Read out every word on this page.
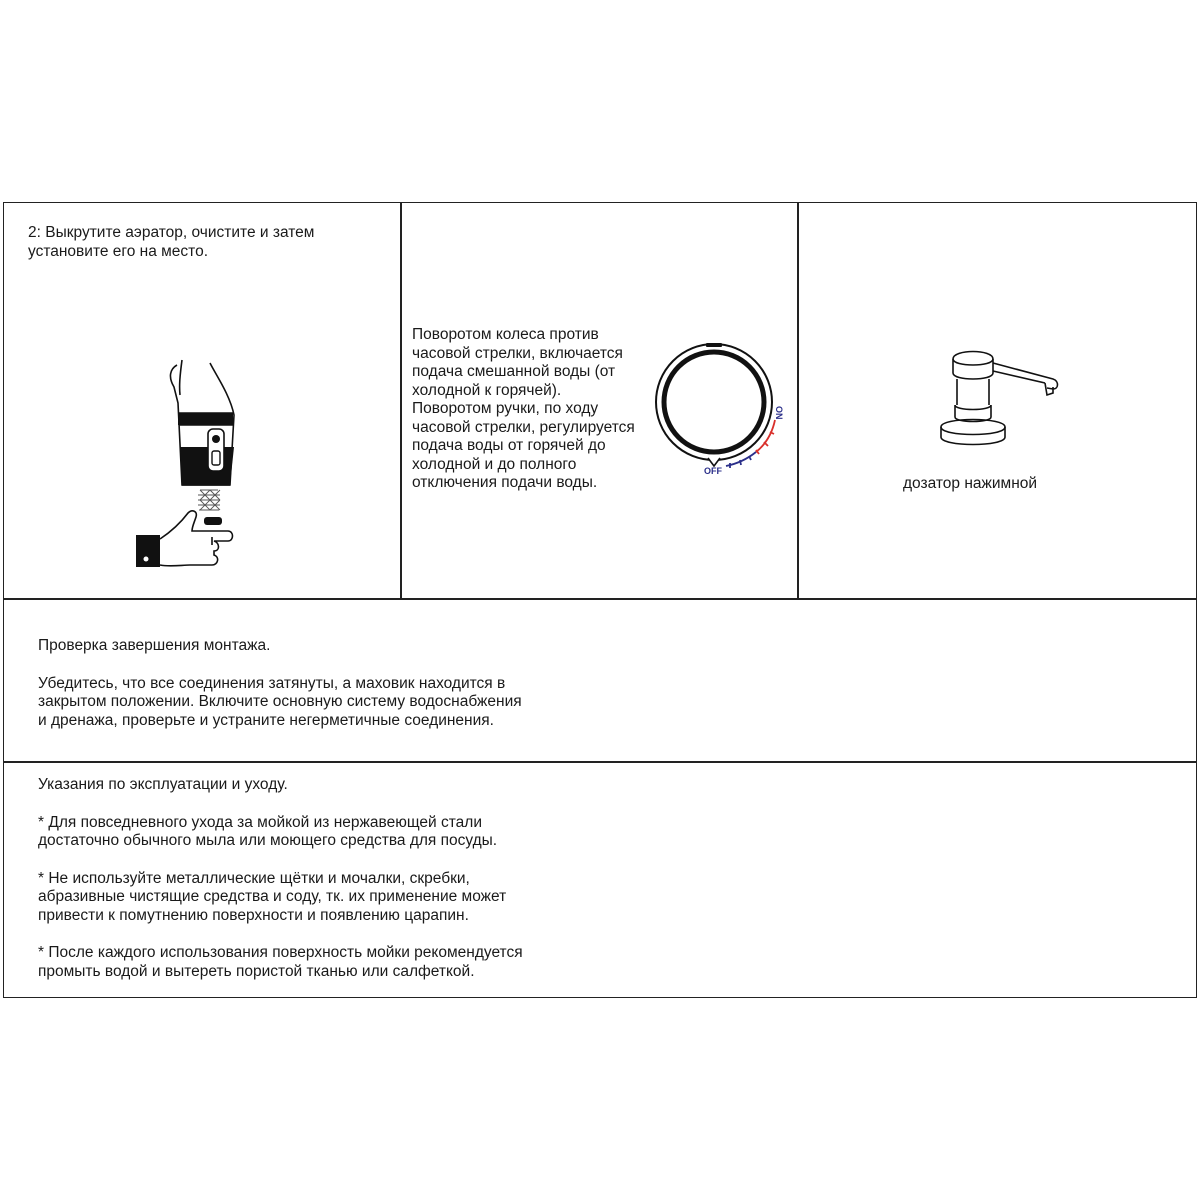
2: Выкрутите аэратор, очистите и затем

установите его на место.

Поворотом колеса против

часовой стрелки, включается

подача смешанной воды (от

холодной к горячей).

Поворотом ручки, по ходу

часовой стрелки, регулируется

подача воды от горячей до

холодной и до полного

отключения подачи воды.

ON
OFF
дозатор нажимной

Проверка завершения монтажа.

Убедитесь, что все соединения затянуты, а маховик находится в

закрытом положении. Включите основную систему водоснабжения

и дренажа, проверьте и устраните негерметичные соединения.

Указания по эксплуатации и уходу.

* Для повседневного ухода за мойкой из нержавеющей стали

достаточно обычного мыла или моющего средства для посуды.

* Не используйте металлические щётки и мочалки, скребки,

абразивные чистящие средства и соду, тк. их применение может

привести к помутнению поверхности и появлению царапин.

* После каждого использования поверхность мойки рекомендуется

промыть водой и вытереть пористой тканью или салфеткой.
